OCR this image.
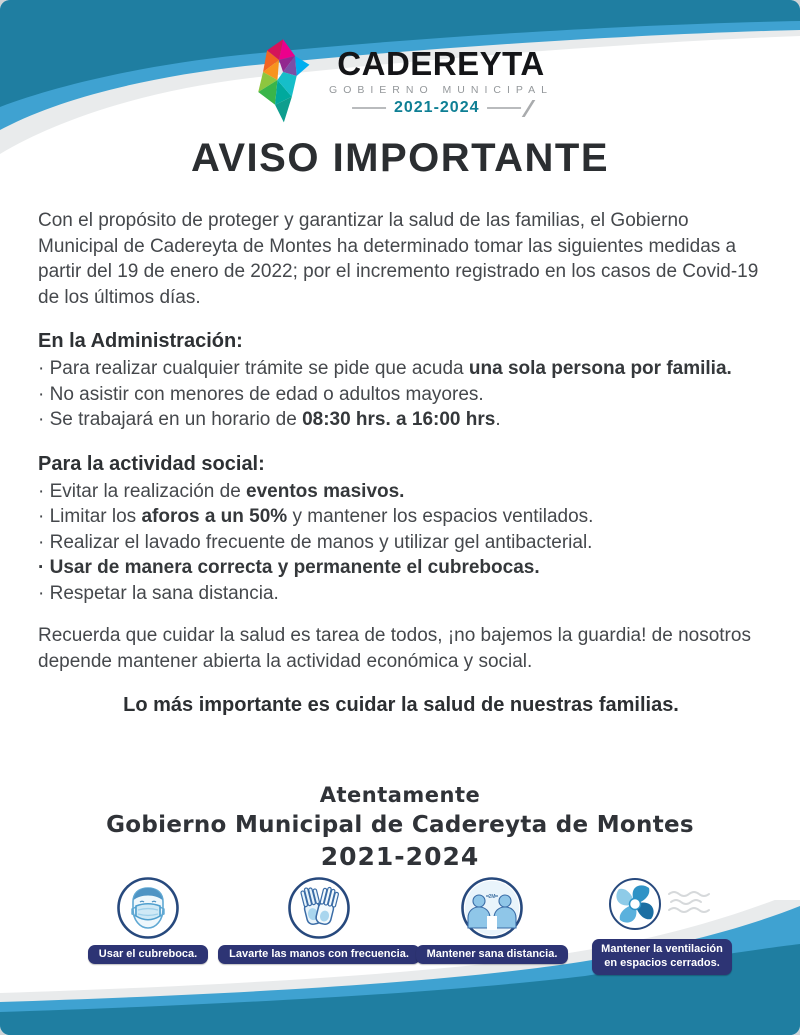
CADEREYTA
GOBIERNO MUNICIPAL
2021-2024
AVISO IMPORTANTE

Con el propósito de proteger y garantizar la salud de las familias, el Gobierno Municipal de Cadereyta de Montes ha determinado tomar las siguientes medidas a partir del 19 de enero de 2022; por el incremento registrado en los casos de Covid-19 de los últimos días.

En la Administración:

· Para realizar cualquier trámite se pide que acuda una sola persona por familia.

· No asistir con menores de edad o adultos mayores.

· Se trabajará en un horario de 08:30 hrs. a 16:00 hrs.

Para la actividad social:

· Evitar la realización de eventos masivos.

· Limitar los aforos a un 50% y mantener los espacios ventilados.

· Realizar el lavado frecuente de manos y utilizar gel antibacterial.

· Usar de manera correcta y permanente el cubrebocas.

· Respetar la sana distancia.

Recuerda que cuidar la salud es tarea de todos, ¡no bajemos la guardia! de nosotros depende mantener abierta la actividad económica y social.

Lo más importante es cuidar la salud de nuestras familias.

Atentamente
Gobierno Municipal de Cadereyta de Montes
2021-2024
Usar el cubreboca.	Lavarte las manos con frecuencia.
2M
Mantener sana distancia.	Mantener la ventilación
en espacios cerrados.
